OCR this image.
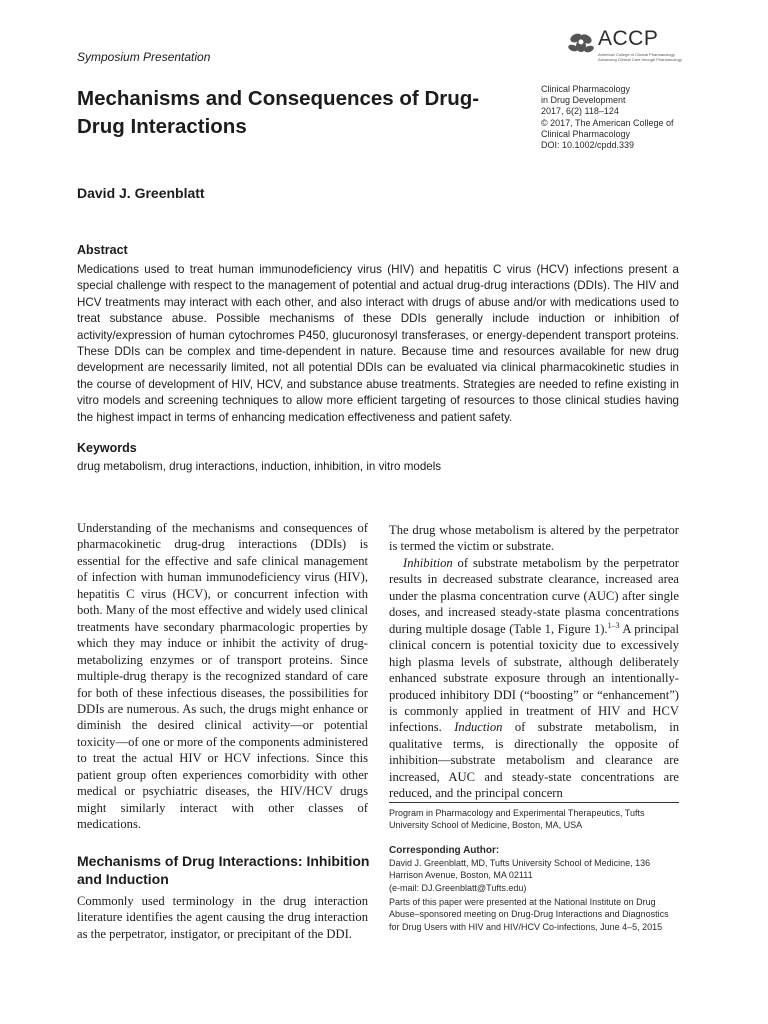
Symposium Presentation
Mechanisms and Consequences of Drug-Drug Interactions
David J. Greenblatt
ACCP
American College of Clinical Pharmacology
Advancing Clinical Care through Pharmacology
Clinical Pharmacology
in Drug Development
2017, 6(2) 118–124
© 2017, The American College of
Clinical Pharmacology
DOI: 10.1002/cpdd.339
Abstract
Medications used to treat human immunodeficiency virus (HIV) and hepatitis C virus (HCV) infections present a special challenge with respect to the management of potential and actual drug-drug interactions (DDIs). The HIV and HCV treatments may interact with each other, and also interact with drugs of abuse and/or with medications used to treat substance abuse. Possible mechanisms of these DDIs generally include induction or inhibition of activity/expression of human cytochromes P450, glucuronosyl transferases, or energy-dependent transport proteins. These DDIs can be complex and time-dependent in nature. Because time and resources available for new drug development are necessarily limited, not all potential DDIs can be evaluated via clinical pharmacokinetic studies in the course of development of HIV, HCV, and substance abuse treatments. Strategies are needed to refine existing in vitro models and screening techniques to allow more efficient targeting of resources to those clinical studies having the highest impact in terms of enhancing medication effectiveness and patient safety.
Keywords
drug metabolism, drug interactions, induction, inhibition, in vitro models

Understanding of the mechanisms and consequences of pharmacokinetic drug-drug interactions (DDIs) is essential for the effective and safe clinical management of infection with human immunodeficiency virus (HIV), hepatitis C virus (HCV), or concurrent infection with both. Many of the most effective and widely used clinical treatments have secondary pharmacologic properties by which they may induce or inhibit the activity of drug-metabolizing enzymes or of transport proteins. Since multiple-drug therapy is the recognized standard of care for both of these infectious diseases, the possibilities for DDIs are numerous. As such, the drugs might enhance or diminish the desired clinical activity—or potential toxicity—of one or more of the components administered to treat the actual HIV or HCV infections. Since this patient group often experiences comorbidity with other medical or psychiatric diseases, the HIV/HCV drugs might similarly interact with other classes of medications.

Mechanisms of Drug Interactions: Inhibition and Induction

Commonly used terminology in the drug interaction literature identifies the agent causing the drug interaction as the perpetrator, instigator, or precipitant of the DDI.

The drug whose metabolism is altered by the perpetrator is termed the victim or substrate.

Inhibition of substrate metabolism by the perpetrator results in decreased substrate clearance, increased area under the plasma concentration curve (AUC) after single doses, and increased steady-state plasma concentrations during multiple dosage (Table 1, Figure 1).$^{1-3}$ A principal clinical concern is potential toxicity due to excessively high plasma levels of substrate, although deliberately enhanced substrate exposure through an intentionally-produced inhibitory DDI (“boosting” or “enhancement”) is commonly applied in treatment of HIV and HCV infections. Induction of substrate metabolism, in qualitative terms, is directionally the opposite of inhibition—substrate metabolism and clearance are increased, AUC and steady-state concentrations are reduced, and the principal concern

Program in Pharmacology and Experimental Therapeutics, Tufts University School of Medicine, Boston, MA, USA
Corresponding Author:

David J. Greenblatt, MD, Tufts University School of Medicine, 136 Harrison Avenue, Boston, MA 02111

(e-mail: DJ.Greenblatt@Tufts.edu)

Parts of this paper were presented at the National Institute on Drug Abuse–sponsored meeting on Drug-Drug Interactions and Diagnostics for Drug Users with HIV and HIV/HCV Co-infections, June 4–5, 2015
